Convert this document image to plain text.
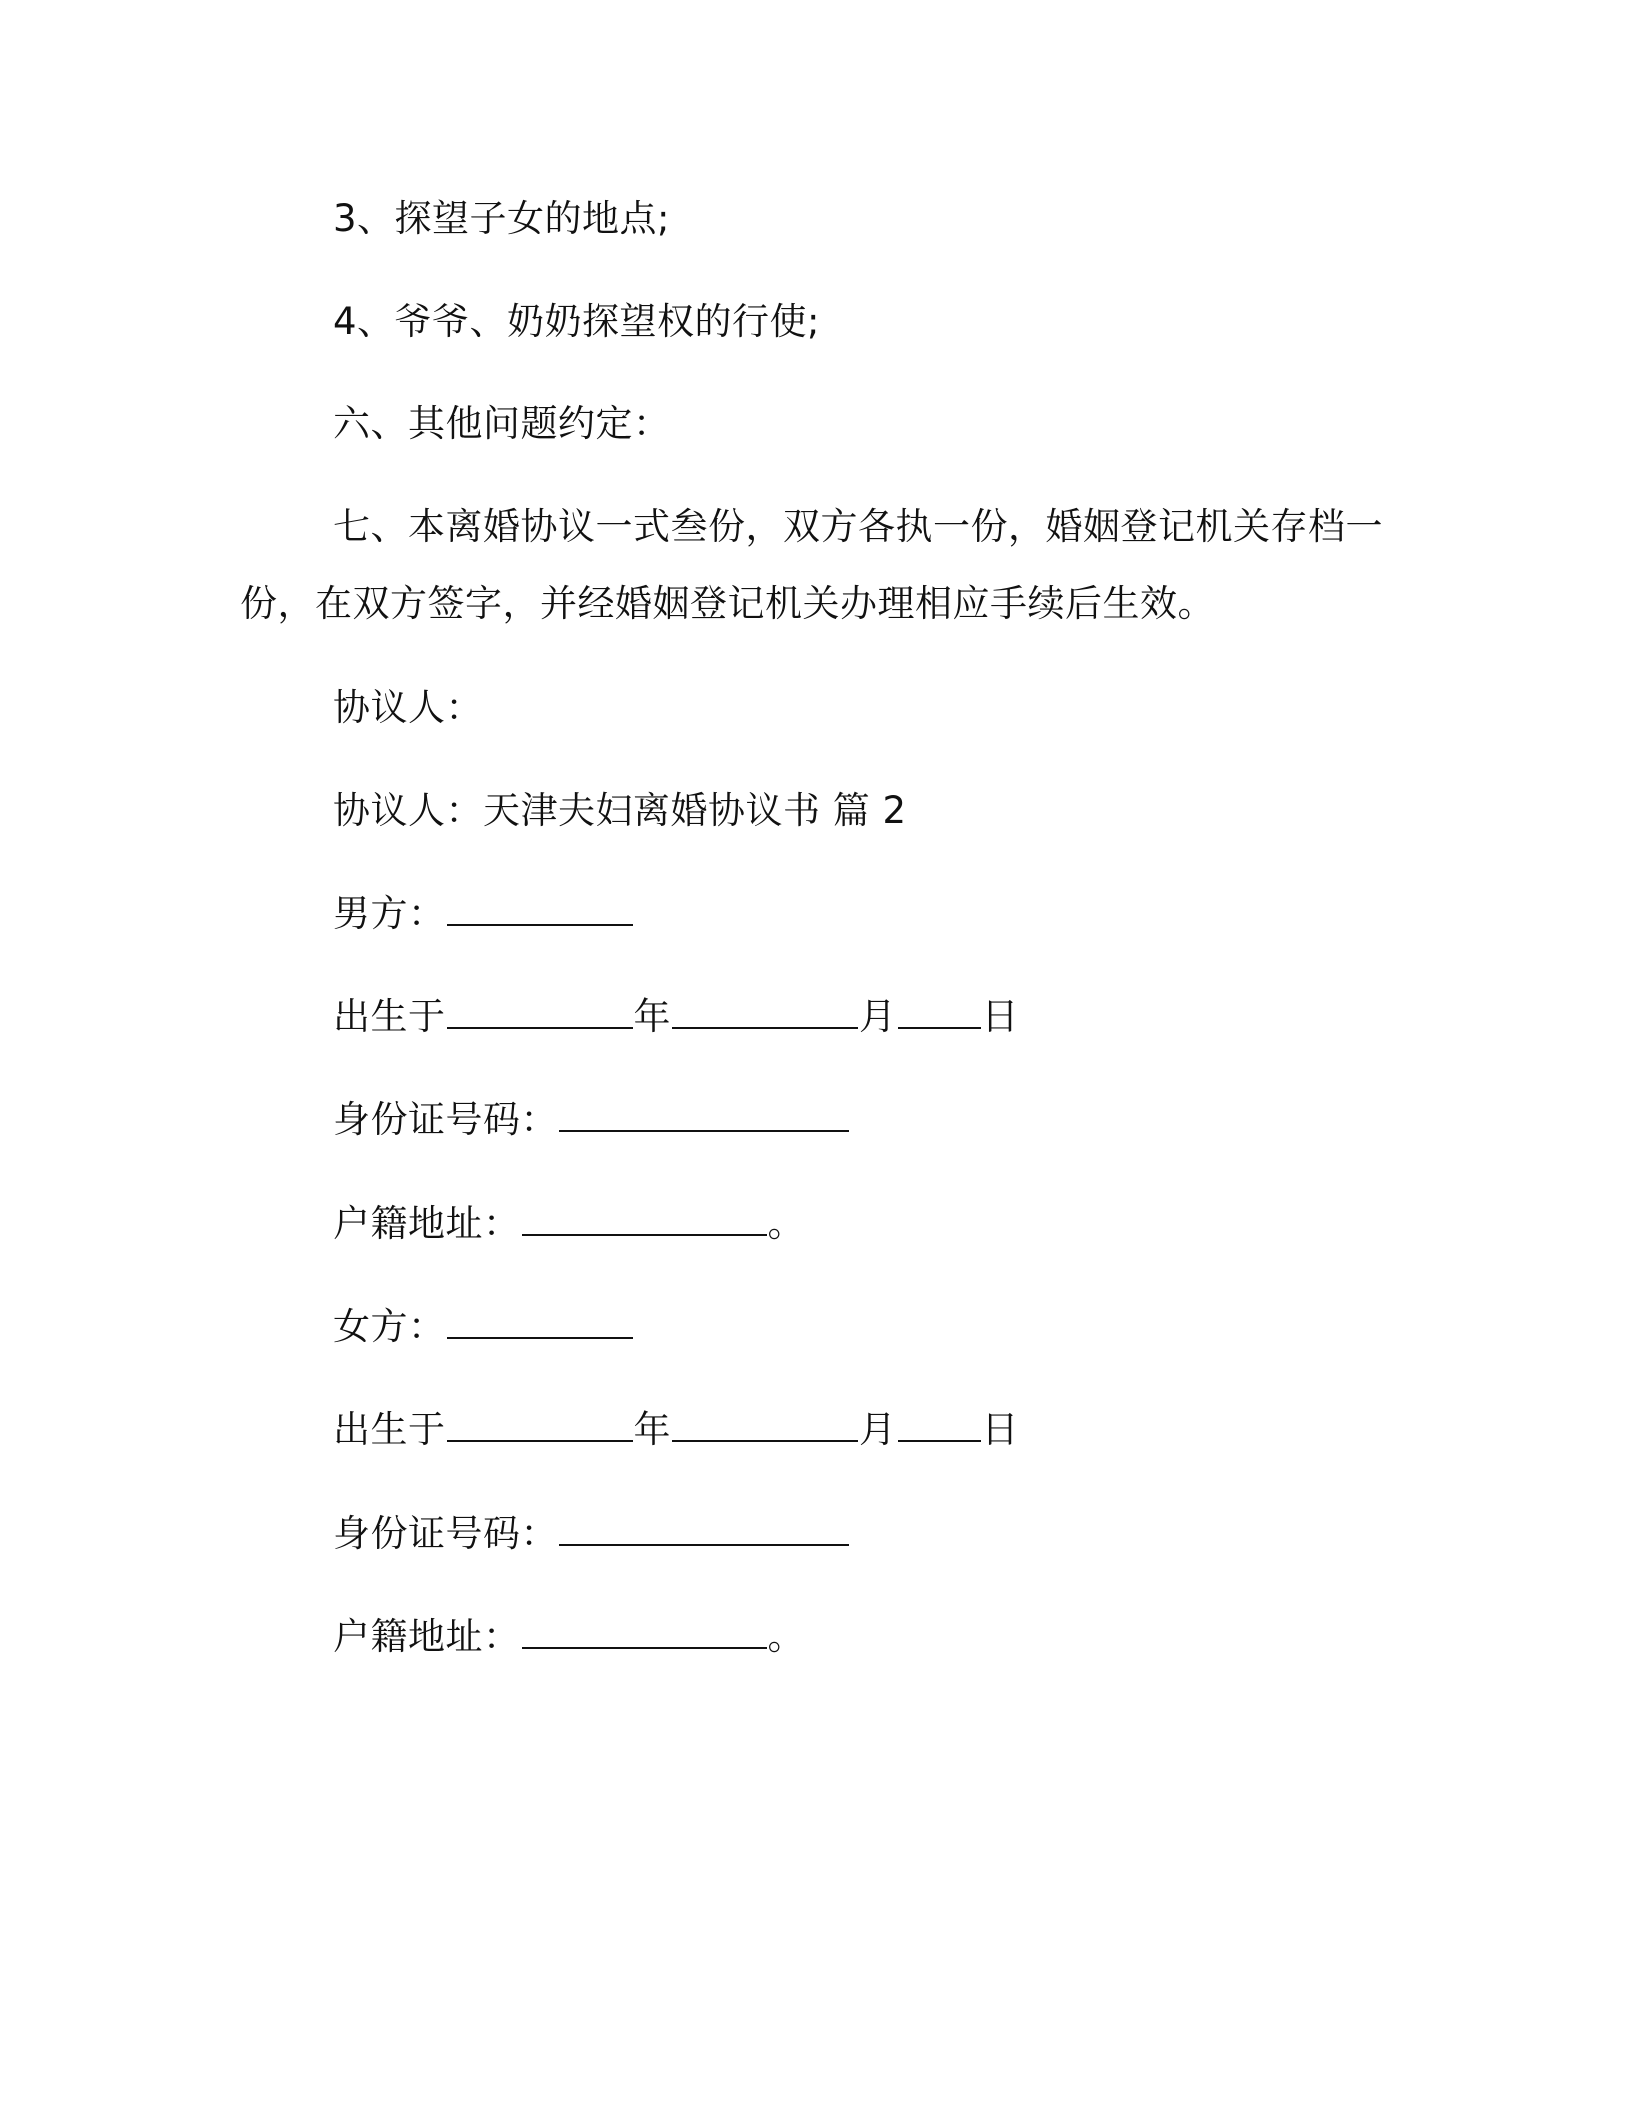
3、探望子女的地点;
4、爷爷、奶奶探望权的行使;
六、其他问题约定：
七、本离婚协议一式叁份，双方各执一份，婚姻登记机关存档一
份，在双方签字，并经婚姻登记机关办理相应手续后生效。
协议人：
协议人：天津夫妇离婚协议书 篇 2
男方：
出生于	年	月 日
身份证号码：
户籍地址：	。
女方：
出生于	年	月 日
身份证号码：
户籍地址：	。
